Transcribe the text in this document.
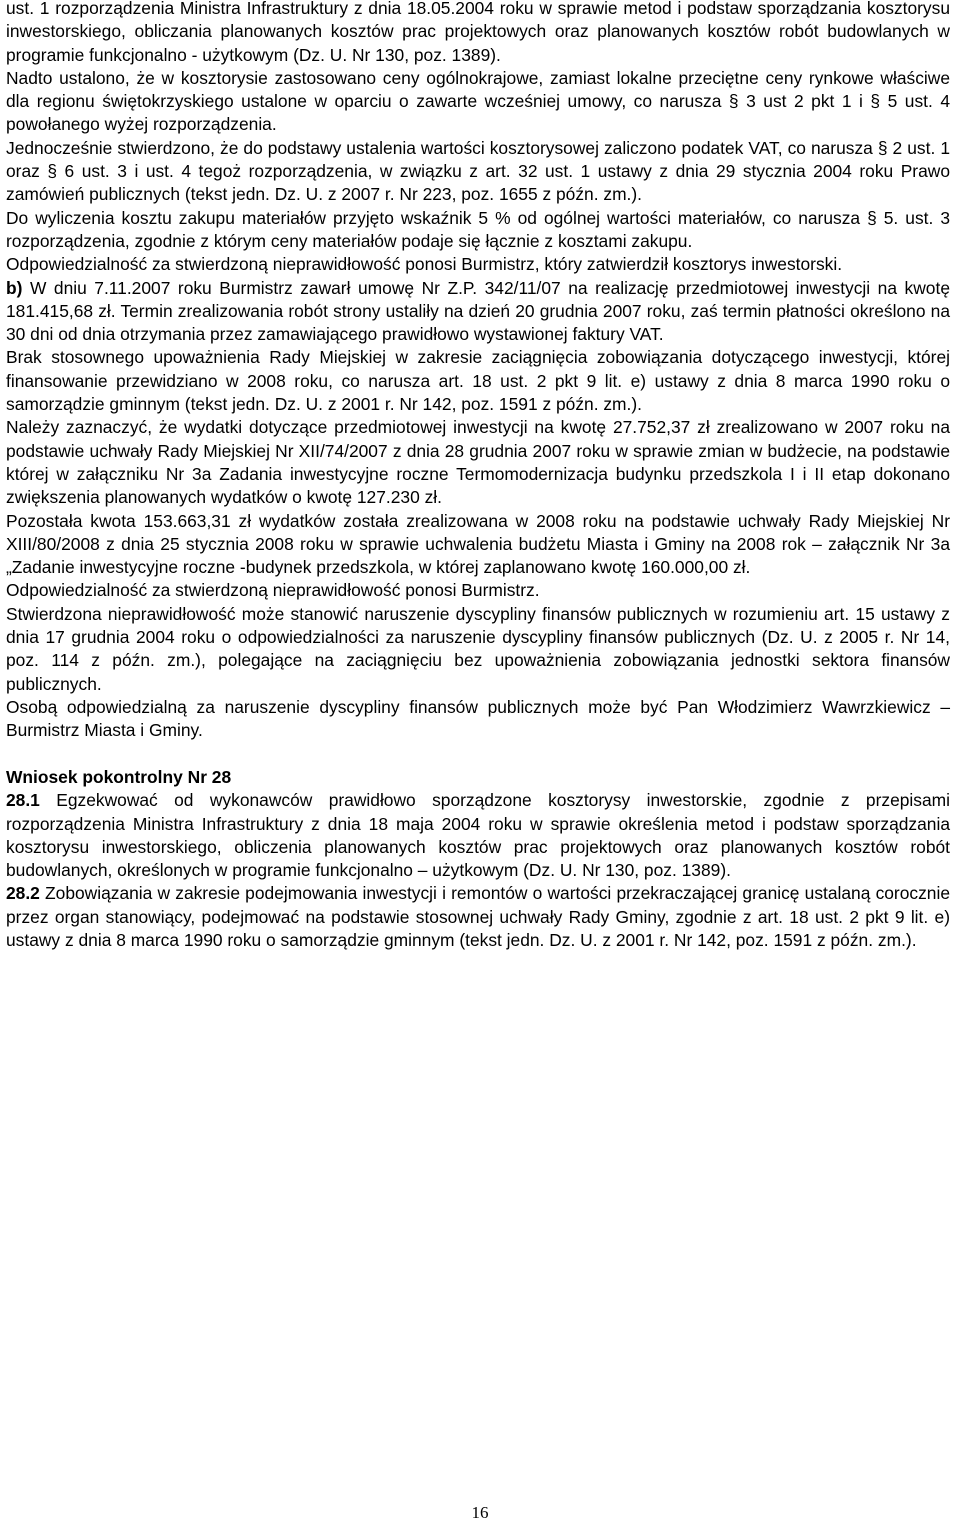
ust. 1 rozporządzenia Ministra Infrastruktury z dnia 18.05.2004 roku w sprawie metod i podstaw sporządzania kosztorysu inwestorskiego, obliczania planowanych kosztów prac projektowych oraz planowanych kosztów robót budowlanych w programie funkcjonalno - użytkowym (Dz. U. Nr 130, poz. 1389).

Nadto ustalono, że w kosztorysie zastosowano ceny ogólnokrajowe, zamiast lokalne przeciętne ceny rynkowe właściwe dla regionu świętokrzyskiego ustalone w oparciu o zawarte wcześniej umowy, co narusza § 3 ust 2 pkt 1 i § 5 ust. 4 powołanego wyżej rozporządzenia.

Jednocześnie stwierdzono, że do podstawy ustalenia wartości kosztorysowej zaliczono podatek VAT, co narusza § 2 ust. 1 oraz § 6 ust. 3 i ust. 4 tegoż rozporządzenia, w związku z art. 32 ust. 1 ustawy z dnia 29 stycznia 2004 roku Prawo zamówień publicznych (tekst jedn. Dz. U. z 2007 r. Nr 223, poz. 1655 z późn. zm.).

Do wyliczenia kosztu zakupu materiałów przyjęto wskaźnik 5 % od ogólnej wartości materiałów, co narusza § 5. ust. 3 rozporządzenia, zgodnie z którym ceny materiałów podaje się łącznie z kosztami zakupu.

Odpowiedzialność za stwierdzoną nieprawidłowość ponosi Burmistrz, który zatwierdził kosztorys inwestorski.

b) W dniu 7.11.2007 roku Burmistrz zawarł umowę Nr Z.P. 342/11/07 na realizację przedmiotowej inwestycji na kwotę 181.415,68 zł. Termin zrealizowania robót strony ustaliły na dzień 20 grudnia 2007 roku, zaś termin płatności określono na 30 dni od dnia otrzymania przez zamawiającego prawidłowo wystawionej faktury VAT.

Brak stosownego upoważnienia Rady Miejskiej w zakresie zaciągnięcia zobowiązania dotyczącego inwestycji, której finansowanie przewidziano w 2008 roku, co narusza art. 18 ust. 2 pkt 9 lit. e) ustawy z dnia 8 marca 1990 roku o samorządzie gminnym (tekst jedn. Dz. U. z 2001 r. Nr 142, poz. 1591 z późn. zm.).

Należy zaznaczyć, że wydatki dotyczące przedmiotowej inwestycji na kwotę 27.752,37 zł zrealizowano w 2007 roku na podstawie uchwały Rady Miejskiej Nr XII/74/2007 z dnia 28 grudnia 2007 roku w sprawie zmian w budżecie, na podstawie której w załączniku Nr 3a Zadania inwestycyjne roczne Termomodernizacja budynku przedszkola I i II etap dokonano zwiększenia planowanych wydatków o kwotę 127.230 zł.

Pozostała kwota 153.663,31 zł wydatków została zrealizowana w 2008 roku na podstawie uchwały Rady Miejskiej Nr XIII/80/2008 z dnia 25 stycznia 2008 roku w sprawie uchwalenia budżetu Miasta i Gminy na 2008 rok – załącznik Nr 3a „Zadanie inwestycyjne roczne -budynek przedszkola, w której zaplanowano kwotę 160.000,00 zł.

Odpowiedzialność za stwierdzoną nieprawidłowość ponosi Burmistrz.

Stwierdzona nieprawidłowość może stanowić naruszenie dyscypliny finansów publicznych w rozumieniu art. 15 ustawy z dnia 17 grudnia 2004 roku o odpowiedzialności za naruszenie dyscypliny finansów publicznych (Dz. U. z 2005 r. Nr 14, poz. 114 z późn. zm.), polegające na zaciągnięciu bez upoważnienia zobowiązania jednostki sektora finansów publicznych.

Osobą odpowiedzialną za naruszenie dyscypliny finansów publicznych może być Pan Włodzimierz Wawrzkiewicz – Burmistrz Miasta i Gminy.

Wniosek pokontrolny Nr 28

28.1 Egzekwować od wykonawców prawidłowo sporządzone kosztorysy inwestorskie, zgodnie z przepisami rozporządzenia Ministra Infrastruktury z dnia 18 maja 2004 roku w sprawie określenia metod i podstaw sporządzania kosztorysu inwestorskiego, obliczenia planowanych kosztów prac projektowych oraz planowanych kosztów robót budowlanych, określonych w programie funkcjonalno – użytkowym (Dz. U. Nr 130, poz. 1389).

28.2 Zobowiązania w zakresie podejmowania inwestycji i remontów o wartości przekraczającej granicę ustalaną corocznie przez organ stanowiący, podejmować na podstawie stosownej uchwały Rady Gminy, zgodnie z art. 18 ust. 2 pkt 9 lit. e) ustawy z dnia 8 marca 1990 roku o samorządzie gminnym (tekst jedn. Dz. U. z 2001 r. Nr 142, poz. 1591 z późn. zm.).

16
